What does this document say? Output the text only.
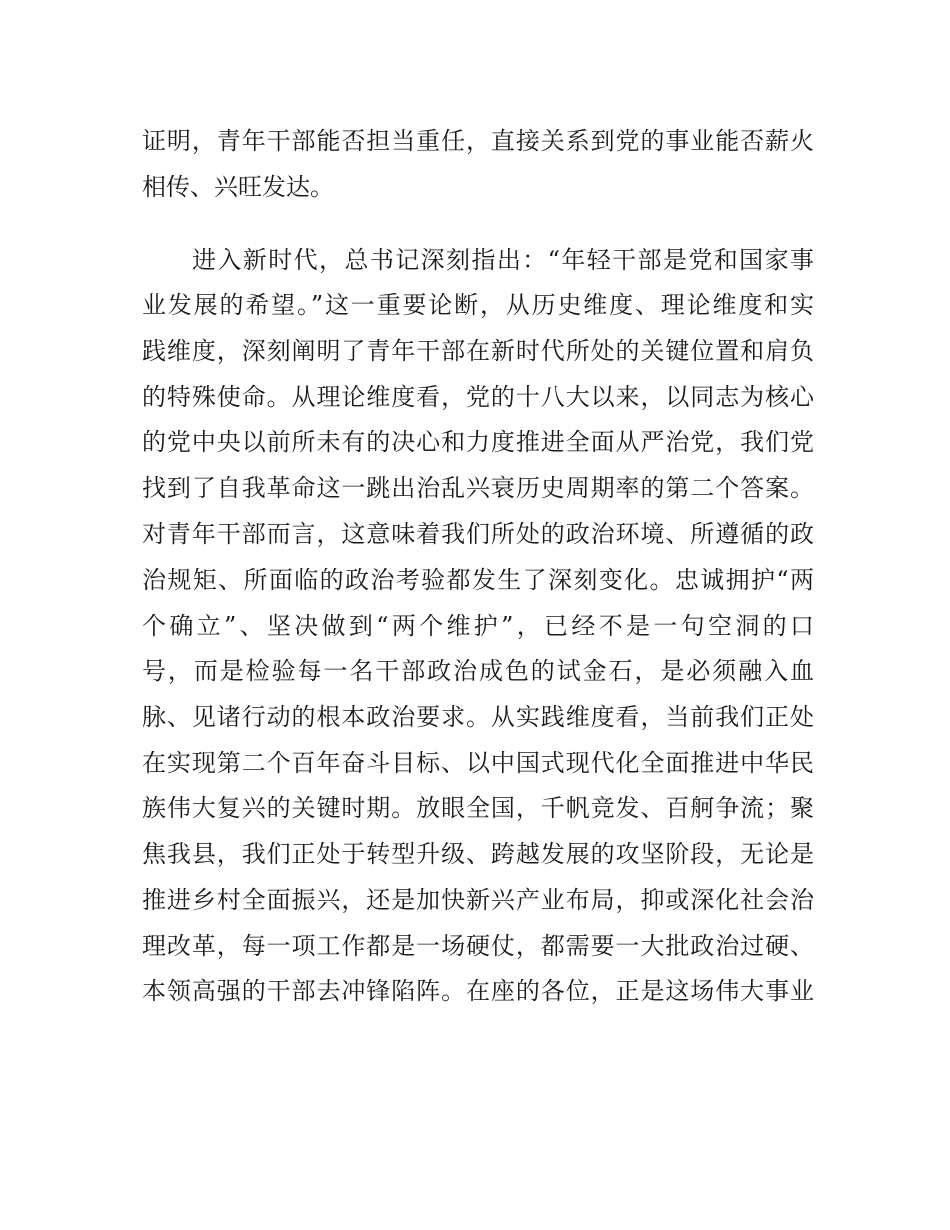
证明，青年干部能否担当重任，直接关系到党的事业能否薪火
相传、兴旺发达。
进入新时代，总书记深刻指出：“年轻干部是党和国家事
业发展的希望。”这一重要论断，从历史维度、理论维度和实
践维度，深刻阐明了青年干部在新时代所处的关键位置和肩负
的特殊使命。从理论维度看，党的十八大以来，以同志为核心
的党中央以前所未有的决心和力度推进全面从严治党，我们党
找到了自我革命这一跳出治乱兴衰历史周期率的第二个答案。
对青年干部而言，这意味着我们所处的政治环境、所遵循的政
治规矩、所面临的政治考验都发生了深刻变化。忠诚拥护“两
个确立”、坚决做到“两个维护”，已经不是一句空洞的口
号，而是检验每一名干部政治成色的试金石，是必须融入血
脉、见诸行动的根本政治要求。从实践维度看，当前我们正处
在实现第二个百年奋斗目标、以中国式现代化全面推进中华民
族伟大复兴的关键时期。放眼全国，千帆竞发、百舸争流；聚
焦我县，我们正处于转型升级、跨越发展的攻坚阶段，无论是
推进乡村全面振兴，还是加快新兴产业布局，抑或深化社会治
理改革，每一项工作都是一场硬仗，都需要一大批政治过硬、
本领高强的干部去冲锋陷阵。在座的各位，正是这场伟大事业
